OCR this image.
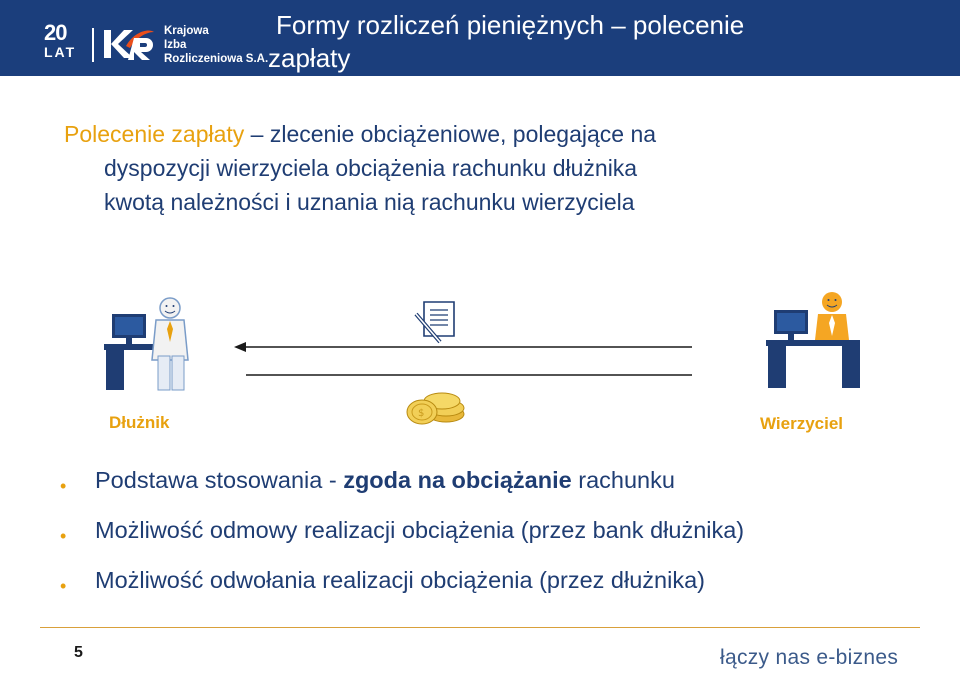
20
LAT
Krajowa
Izba
Rozliczeniowa S.A.
Formy rozliczeń pieniężnych – polecenie
zapłaty
Polecenie zapłaty – zlecenie obciążeniowe, polegające na
dyspozycji wierzyciela obciążenia rachunku dłużnika
kwotą należności i uznania nią rachunku wierzyciela
$
Dłużnik	Wierzyciel
• Podstawa stosowania - zgoda na obciążanie rachunku
• Możliwość odmowy realizacji obciążenia (przez bank dłużnika)
• Możliwość odwołania realizacji obciążenia (przez dłużnika)
5	łączy nas e-biznes
